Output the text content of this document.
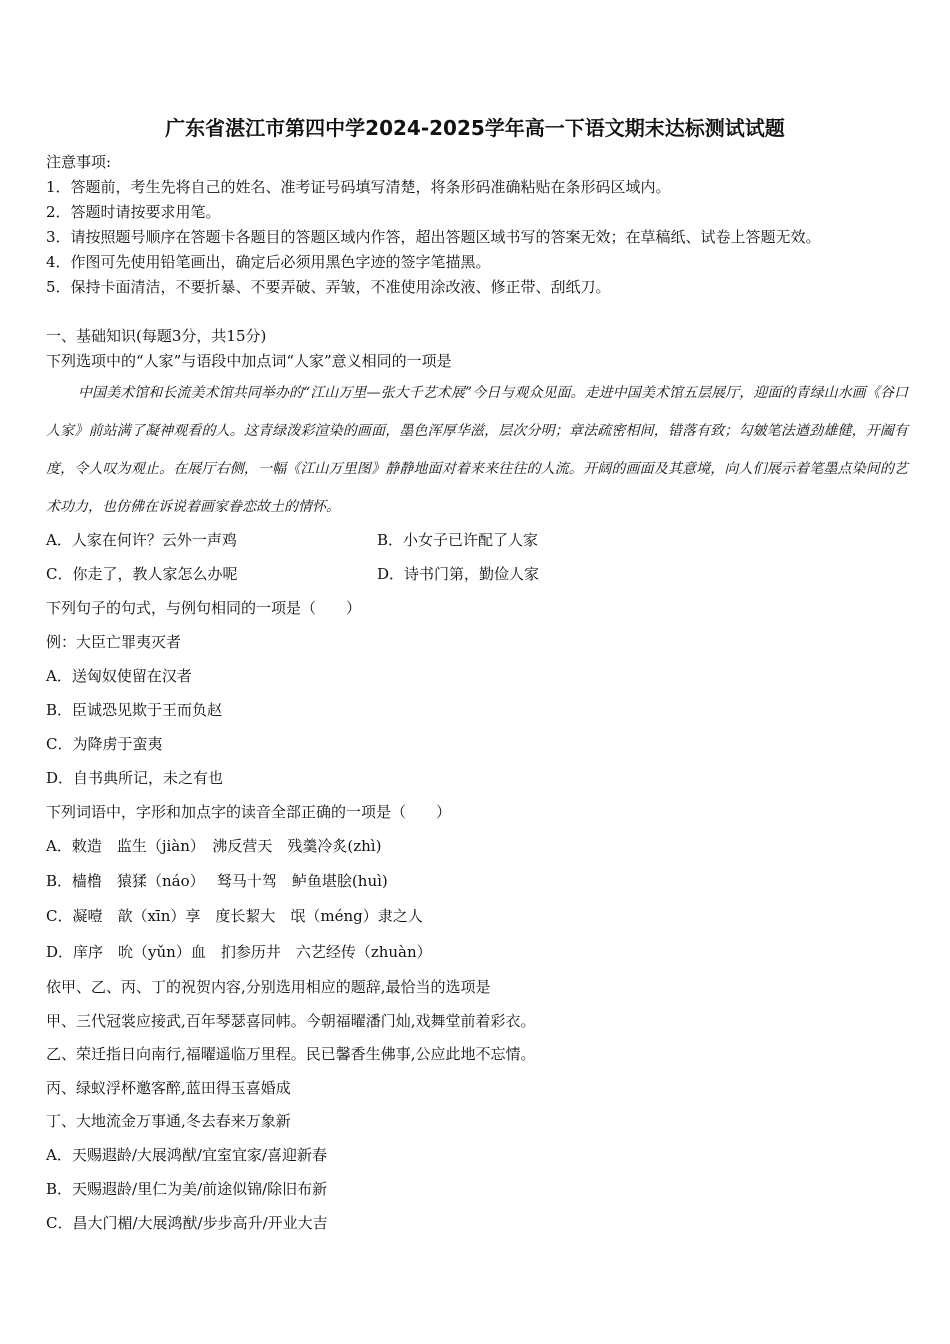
广东省湛江市第四中学2024-2025学年高一下语文期末达标测试试题
注意事项:
1．答题前，考生先将自己的姓名、准考证号码填写清楚，将条形码准确粘贴在条形码区域内。
2．答题时请按要求用笔。
3．请按照题号顺序在答题卡各题目的答题区域内作答，超出答题区域书写的答案无效；在草稿纸、试卷上答题无效。
4．作图可先使用铅笔画出，确定后必须用黑色字迹的签字笔描黑。
5．保持卡面清洁，不要折暴、不要弄破、弄皱，不准使用涂改液、修正带、刮纸刀。
一、基础知识(每题3分，共15分)
下列选项中的“人家”与语段中加点词“人家”意义相同的一项是

中国美术馆和长流美术馆共同举办的“江山万里—张大千艺术展”今日与观众见面。走进中国美术馆五层展厅，迎面的青绿山水画《谷口人家》前站满了凝神观看的人。这青绿泼彩渲染的画面，墨色浑厚华滋，层次分明；章法疏密相间，错落有致；勾皴笔法遒劲雄健，开阖有度，令人叹为观止。在展厅右侧，一幅《江山万里图》静静地面对着来来往往的人流。开阔的画面及其意境，向人们展示着笔墨点染间的艺术功力，也仿佛在诉说着画家眷恋故土的情怀。

A．人家在何许？云外一声鸡	B．小女子已许配了人家
C．你走了，教人家怎么办呢	D．诗书门第，勤俭人家
下列句子的句式，与例句相同的一项是（　　）
例：大臣亡罪夷灭者
A．送匈奴使留在汉者
B．臣诚恐见欺于王而负赵
C．为降虏于蛮夷
D．自书典所记，未之有也
下列词语中，字形和加点字的读音全部正确的一项是（　　）
A．敕造　监生（jiàn）　沸反营天　残羹冷炙(zhì)
B．樯橹　猿猱（náo）　 驽马十驾　鲈鱼堪脍(huì)
C．凝噎　歆（xīn）享　度长絜大　氓（méng）隶之人
D．庠序　吮（yǔn）血　扪参历井　六艺经传（zhuàn）
依甲、乙、丙、丁的祝贺内容,分别选用相应的题辞,最恰当的选项是
甲、三代冠裳应接武,百年琴瑟喜同帏。今朝福曜潘门灿,戏舞堂前着彩衣。
乙、荣迁指日向南行,福曜遥临万里程。民已馨香生佛事,公应此地不忘情。
丙、绿蚁浮杯邀客醉,蓝田得玉喜婚成
丁、大地流金万事通,冬去春来万象新
A．天赐遐龄/大展鸿猷/宜室宜家/喜迎新春
B．天赐遐龄/里仁为美/前途似锦/除旧布新
C．昌大门楣/大展鸿猷/步步高升/开业大吉
